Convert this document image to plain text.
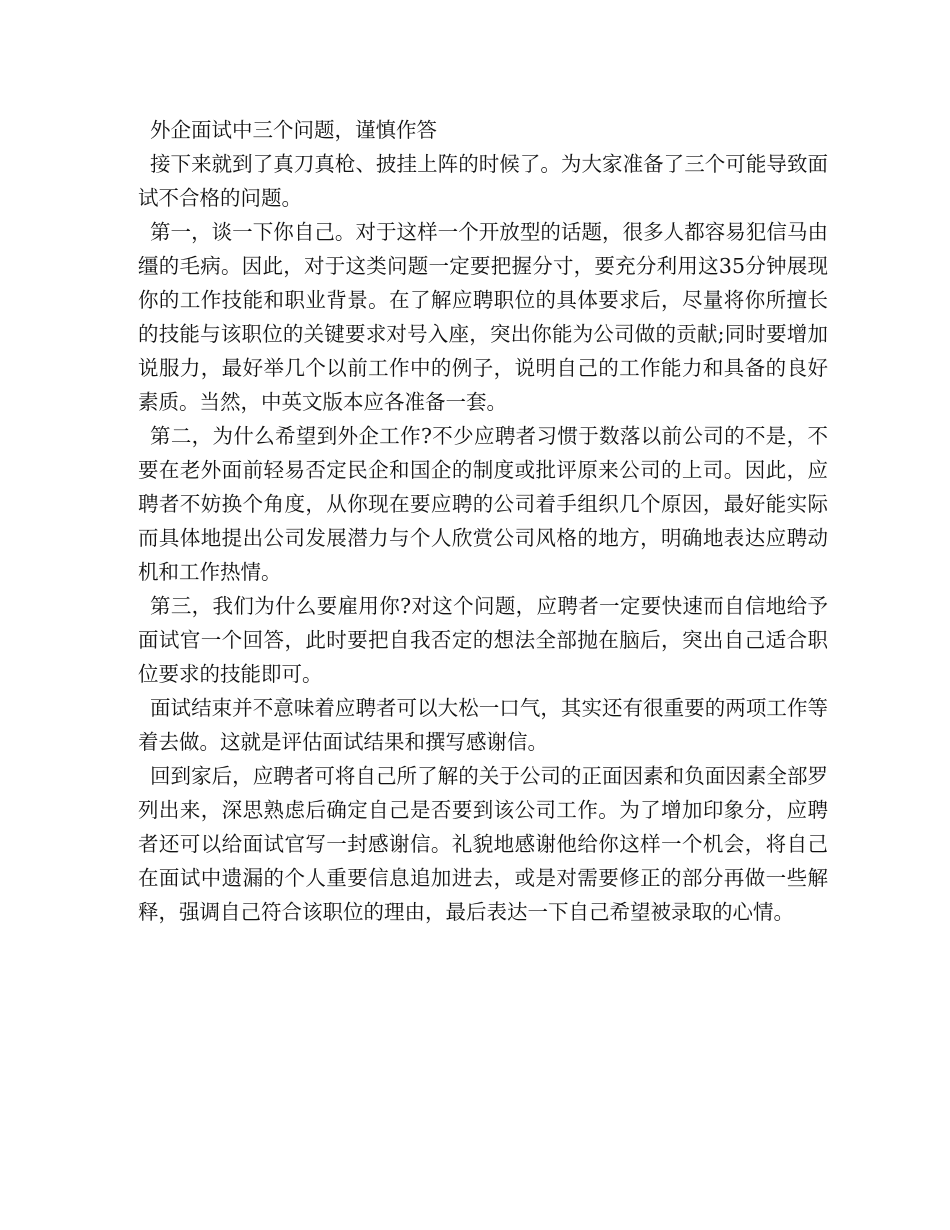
外企面试中三个问题，谨慎作答

接下来就到了真刀真枪、披挂上阵的时候了。为大家准备了三个可能导致面试不合格的问题。

第一，谈一下你自己。对于这样一个开放型的话题，很多人都容易犯信马由缰的毛病。因此，对于这类问题一定要把握分寸，要充分利用这35分钟展现你的工作技能和职业背景。在了解应聘职位的具体要求后，尽量将你所擅长的技能与该职位的关键要求对号入座，突出你能为公司做的贡献;同时要增加说服力，最好举几个以前工作中的例子，说明自己的工作能力和具备的良好素质。当然，中英文版本应各准备一套。

第二，为什么希望到外企工作?不少应聘者习惯于数落以前公司的不是，不要在老外面前轻易否定民企和国企的制度或批评原来公司的上司。因此，应聘者不妨换个角度，从你现在要应聘的公司着手组织几个原因，最好能实际而具体地提出公司发展潜力与个人欣赏公司风格的地方，明确地表达应聘动机和工作热情。

第三，我们为什么要雇用你?对这个问题，应聘者一定要快速而自信地给予面试官一个回答，此时要把自我否定的想法全部抛在脑后，突出自己适合职位要求的技能即可。

面试结束并不意味着应聘者可以大松一口气，其实还有很重要的两项工作等着去做。这就是评估面试结果和撰写感谢信。

回到家后，应聘者可将自己所了解的关于公司的正面因素和负面因素全部罗列出来，深思熟虑后确定自己是否要到该公司工作。为了增加印象分，应聘者还可以给面试官写一封感谢信。礼貌地感谢他给你这样一个机会，将自己在面试中遗漏的个人重要信息追加进去，或是对需要修正的部分再做一些解释，强调自己符合该职位的理由，最后表达一下自己希望被录取的心情。
